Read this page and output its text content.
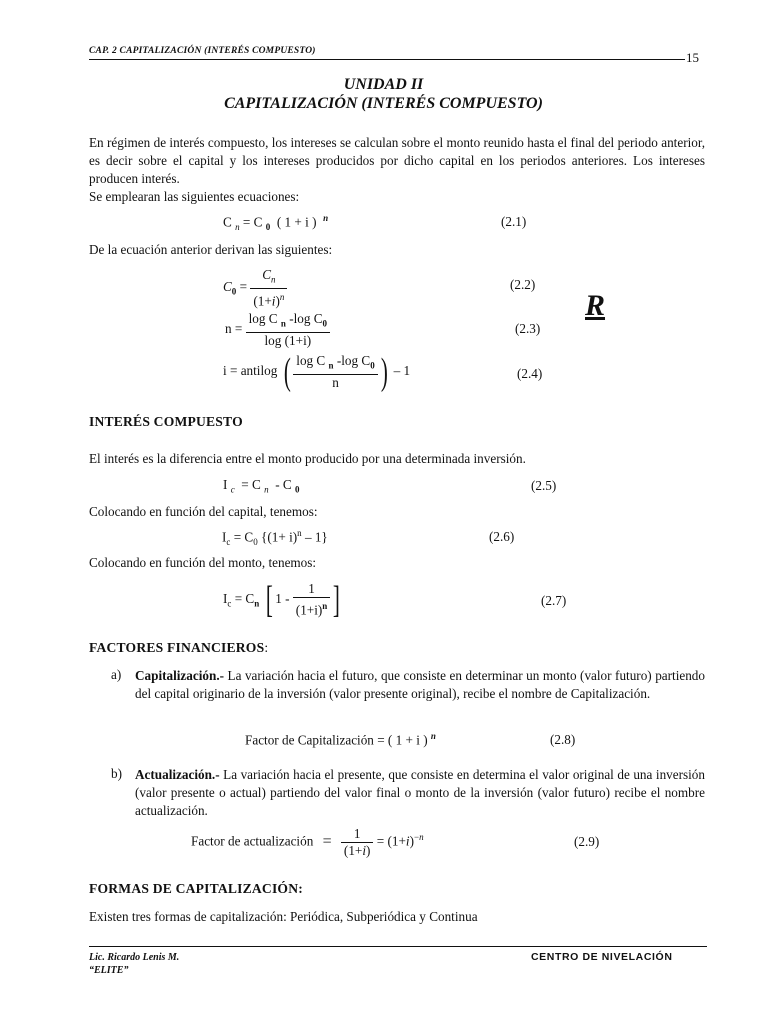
CAP. 2 CAPITALIZACIÓN (INTERÉS COMPUESTO)	15
UNIDAD II
CAPITALIZACIÓN (INTERÉS COMPUESTO)
En régimen de interés compuesto, los intereses se calculan sobre el monto reunido hasta el final del periodo anterior, es decir sobre el capital y los intereses producidos por dicho capital en los periodos anteriores. Los intereses producen interés.
Se emplearan las siguientes ecuaciones:
C $_n$ = C $_0$  ( 1 + i )  $^n$	(2.1)
De la ecuación anterior derivan las siguientes:
$C_0 = \frac{C_n}{(1+i)^n}$	(2.2)
R
$n = \frac{\log C _n -\log C_0}{\log (1+i)}$	(2.3)
i = antilog ( $\frac{\log C _n -\log C_0}{n}$ ) – 1	(2.4)
INTERÉS COMPUESTO
El interés es la diferencia entre el monto producido por una determinada inversión.
I $_c$  = C $_n$  - C $_0$	(2.5)
Colocando en función del capital, tenemos:
$I_c = C_0$ $\{(1+ i)^n - 1\}$	(2.6)
Colocando en función del monto, tenemos:
$I_c = C_n$ [ $1 - \frac{1}{(1+i)^n}$ ]	(2.7)
FACTORES FINANCIEROS:
a) Capitalización.- La variación hacia el futuro, que consiste en determinar un monto (valor futuro) partiendo del capital originario de la inversión (valor presente original), recibe el nombre de Capitalización.
Factor de Capitalización = ( 1 + i ) $^n$	(2.8)
b) Actualización.- La variación hacia el presente, que consiste en determina el valor original de una inversión (valor presente o actual) partiendo del valor final o monto de la inversión (valor futuro) recibe el nombre actualización.
Factor de actualización = $\frac{1}{(1+i)} = (1+i)^{-n}$	(2.9)
FORMAS DE CAPITALIZACIÓN:
Existen tres formas de capitalización: Periódica, Subperiódica y Continua
Lic. Ricardo Lenis M.
“ELITE”
CENTRO DE NIVELACIÓN
